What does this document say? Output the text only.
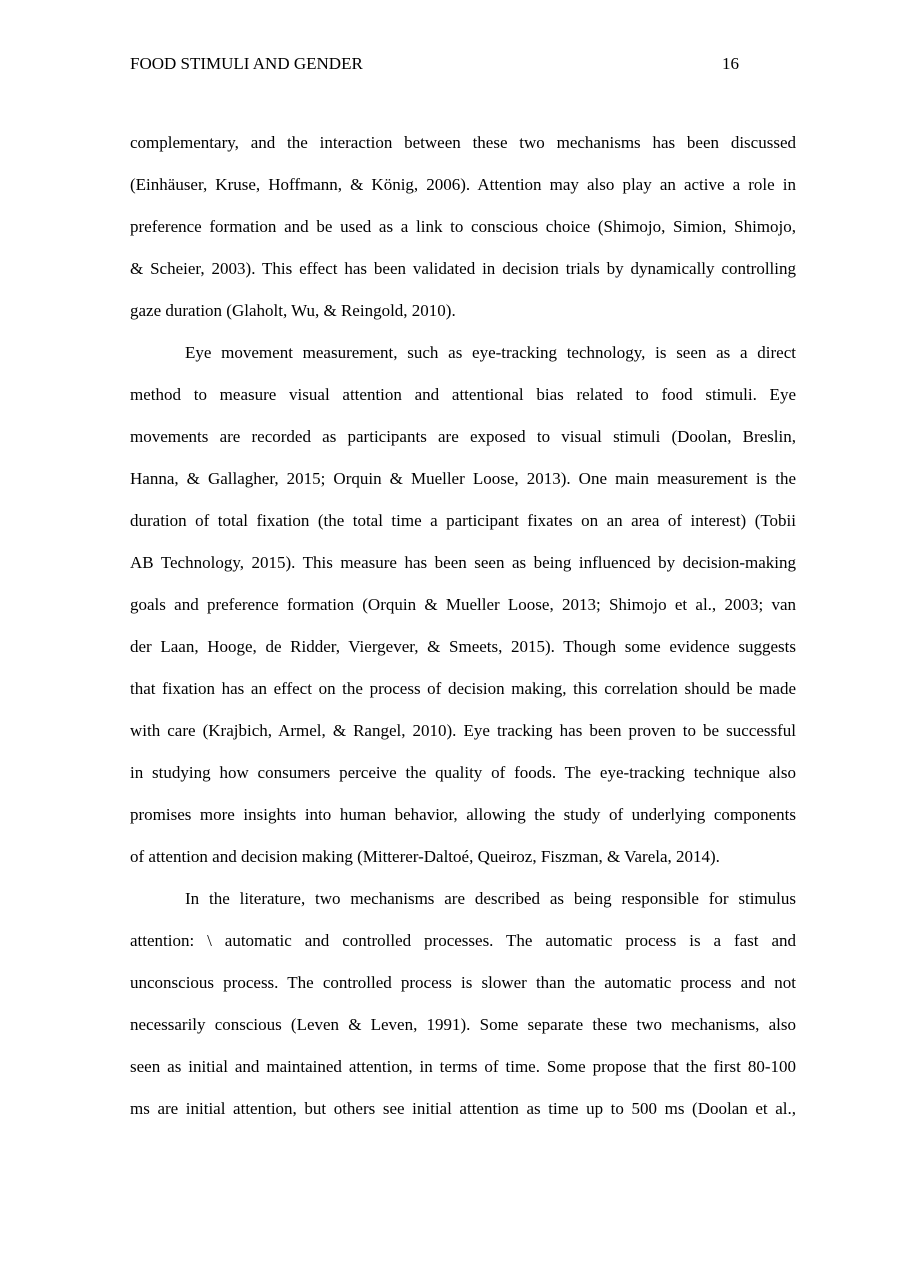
FOOD STIMULI AND GENDER	16

complementary, and the interaction between these two mechanisms has been discussed
(Einhäuser, Kruse, Hoffmann, & König, 2006). Attention may also play an active a role in
preference formation and be used as a link to conscious choice (Shimojo, Simion, Shimojo,
& Scheier, 2003). This effect has been validated in decision trials by dynamically controlling
gaze duration (Glaholt, Wu, & Reingold, 2010).

Eye movement measurement, such as eye-tracking technology, is seen as a direct
method to measure visual attention and attentional bias related to food stimuli. Eye
movements are recorded as participants are exposed to visual stimuli (Doolan, Breslin,
Hanna, & Gallagher, 2015; Orquin & Mueller Loose, 2013). One main measurement is the
duration of total fixation (the total time a participant fixates on an area of interest) (Tobii
AB Technology, 2015). This measure has been seen as being influenced by decision-making
goals and preference formation (Orquin & Mueller Loose, 2013; Shimojo et al., 2003; van
der Laan, Hooge, de Ridder, Viergever, & Smeets, 2015). Though some evidence suggests
that fixation has an effect on the process of decision making, this correlation should be made
with care (Krajbich, Armel, & Rangel, 2010). Eye tracking has been proven to be successful
in studying how consumers perceive the quality of foods. The eye-tracking technique also
promises more insights into human behavior, allowing the study of underlying components
of attention and decision making (Mitterer-Daltoé, Queiroz, Fiszman, & Varela, 2014).

In the literature, two mechanisms are described as being responsible for stimulus
attention: \ automatic and controlled processes. The automatic process is a fast and
unconscious process. The controlled process is slower than the automatic process and not
necessarily conscious (Leven & Leven, 1991). Some separate these two mechanisms, also
seen as initial and maintained attention, in terms of time. Some propose that the first 80-100
ms are initial attention, but others see initial attention as time up to 500 ms (Doolan et al.,
